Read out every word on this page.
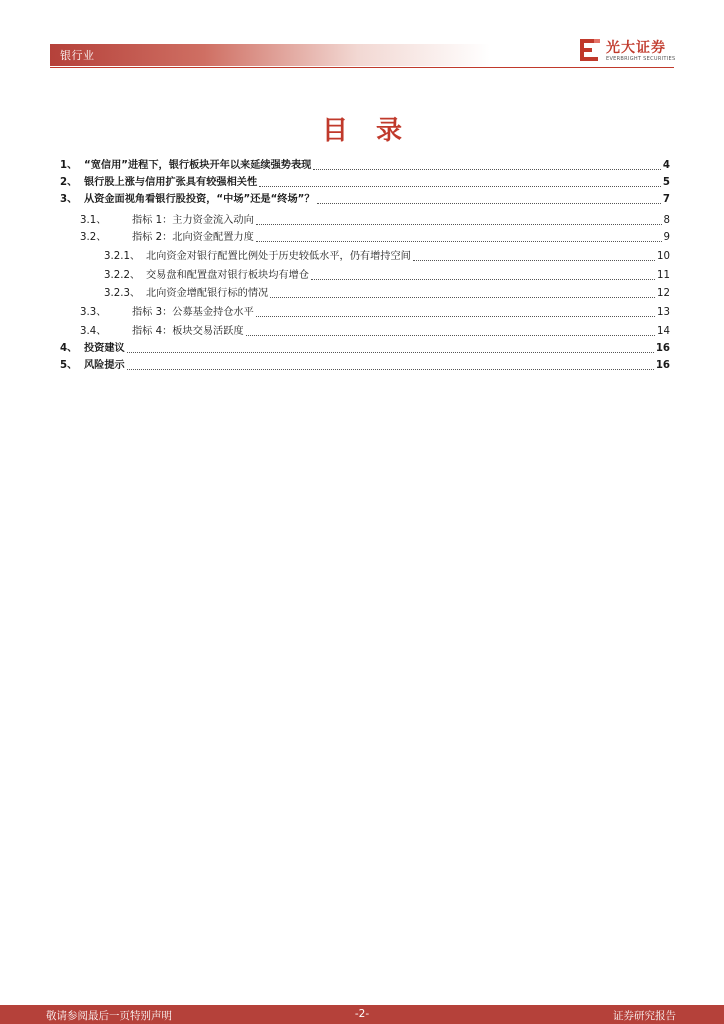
银行业	光大证券
EVERBRIGHT SECURITIES
目录
1、 “宽信用”进程下，银行板块开年以来延续强势表现	4
2、 银行股上涨与信用扩张具有较强相关性	5
3、 从资金面视角看银行股投资，“中场”还是“终场”？	7
3.1、	指标 1：主力资金流入动向	8
3.2、	指标 2：北向资金配置力度	9
3.2.1、 北向资金对银行配置比例处于历史较低水平，仍有增持空间	10
3.2.2、 交易盘和配置盘对银行板块均有增仓	11
3.2.3、 北向资金增配银行标的情况	12
3.3、	指标 3：公募基金持仓水平	13
3.4、	指标 4：板块交易活跃度	14
4、 投资建议	16
5、 风险提示	16
敬请参阅最后一页特别声明	-2-	证券研究报告
